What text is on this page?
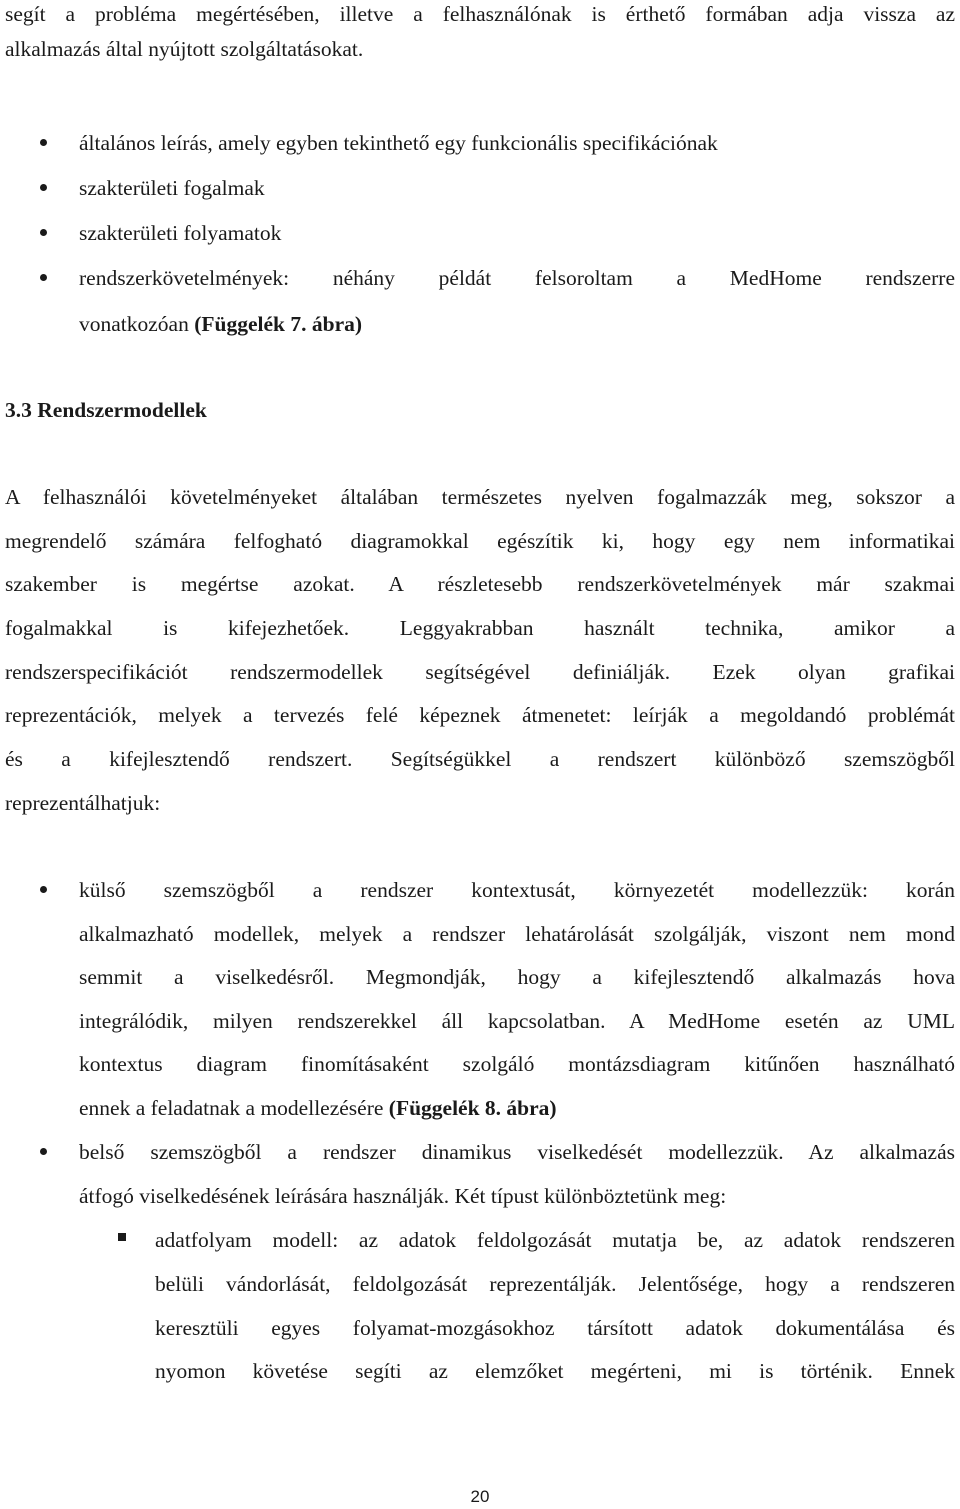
segít a probléma megértésében, illetve a felhasználónak is érthető formában adja vissza az
alkalmazás által nyújtott szolgáltatásokat.
általános leírás, amely egyben tekinthető egy funkcionális specifikációnak
szakterületi fogalmak
szakterületi folyamatok
rendszerkövetelmények: néhány példát felsoroltam a MedHome rendszerre
vonatkozóan (Függelék 7. ábra)
3.3 Rendszermodellek
A felhasználói követelményeket általában természetes nyelven fogalmazzák meg, sokszor a
megrendelő számára felfogható diagramokkal egészítik ki, hogy egy nem informatikai
szakember is megértse azokat. A részletesebb rendszerkövetelmények már szakmai
fogalmakkal is kifejezhetőek. Leggyakrabban használt technika, amikor a
rendszerspecifikációt rendszermodellek segítségével definiálják. Ezek olyan grafikai
reprezentációk, melyek a tervezés felé képeznek átmenetet: leírják a megoldandó problémát
és a kifejlesztendő rendszert. Segítségükkel a rendszert különböző szemszögből
reprezentálhatjuk:
külső szemszögből a rendszer kontextusát, környezetét modellezzük: korán
alkalmazható modellek, melyek a rendszer lehatárolását szolgálják, viszont nem mond
semmit a viselkedésről. Megmondják, hogy a kifejlesztendő alkalmazás hova
integrálódik, milyen rendszerekkel áll kapcsolatban. A MedHome esetén az UML
kontextus diagram finomításaként szolgáló montázsdiagram kitűnően használható
ennek a feladatnak a modellezésére (Függelék 8. ábra)
belső szemszögből a rendszer dinamikus viselkedését modellezzük. Az alkalmazás
átfogó viselkedésének leírására használják. Két típust különböztetünk meg:
adatfolyam modell: az adatok feldolgozását mutatja be, az adatok rendszeren
belüli vándorlását, feldolgozását reprezentálják. Jelentősége, hogy a rendszeren
keresztüli egyes folyamat-mozgásokhoz társított adatok dokumentálása és
nyomon követése segíti az elemzőket megérteni, mi is történik. Ennek
20
